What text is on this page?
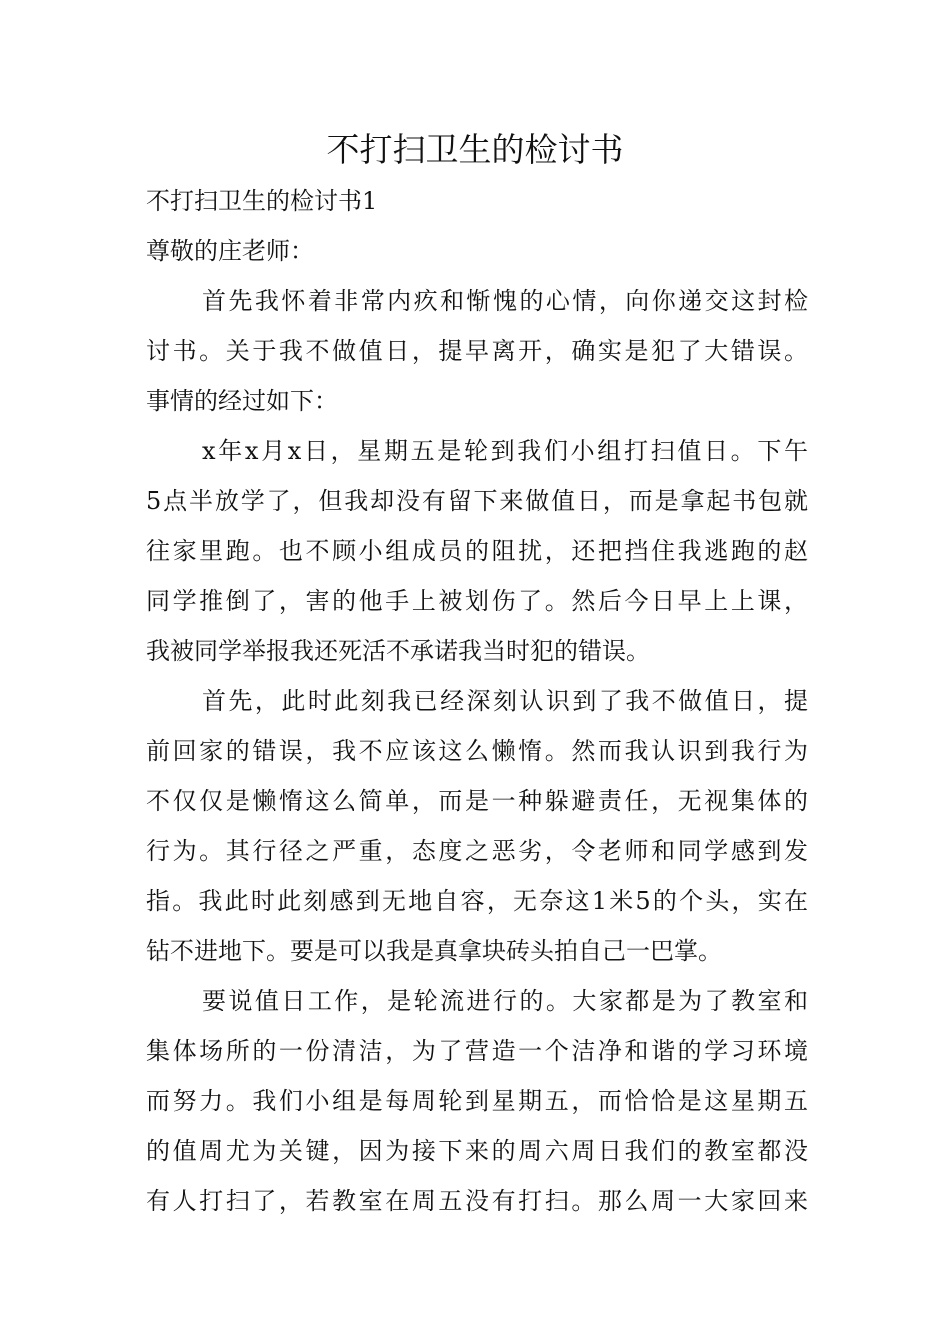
不打扫卫生的检讨书
不打扫卫生的检讨书1
尊敬的庄老师：
首先我怀着非常内疚和惭愧的心情，向你递交这封检
讨书。关于我不做值日，提早离开，确实是犯了大错误。
事情的经过如下：
x年x月x日，星期五是轮到我们小组打扫值日。下午
5点半放学了，但我却没有留下来做值日，而是拿起书包就
往家里跑。也不顾小组成员的阻扰，还把挡住我逃跑的赵
同学推倒了，害的他手上被划伤了。然后今日早上上课，
我被同学举报我还死活不承诺我当时犯的错误。
首先，此时此刻我已经深刻认识到了我不做值日，提
前回家的错误，我不应该这么懒惰。然而我认识到我行为
不仅仅是懒惰这么简单，而是一种躲避责任，无视集体的
行为。其行径之严重，态度之恶劣，令老师和同学感到发
指。我此时此刻感到无地自容，无奈这1米5的个头，实在
钻不进地下。要是可以我是真拿块砖头拍自己一巴掌。
要说值日工作，是轮流进行的。大家都是为了教室和
集体场所的一份清洁，为了营造一个洁净和谐的学习环境
而努力。我们小组是每周轮到星期五，而恰恰是这星期五
的值周尤为关键，因为接下来的周六周日我们的教室都没
有人打扫了，若教室在周五没有打扫。那么周一大家回来
